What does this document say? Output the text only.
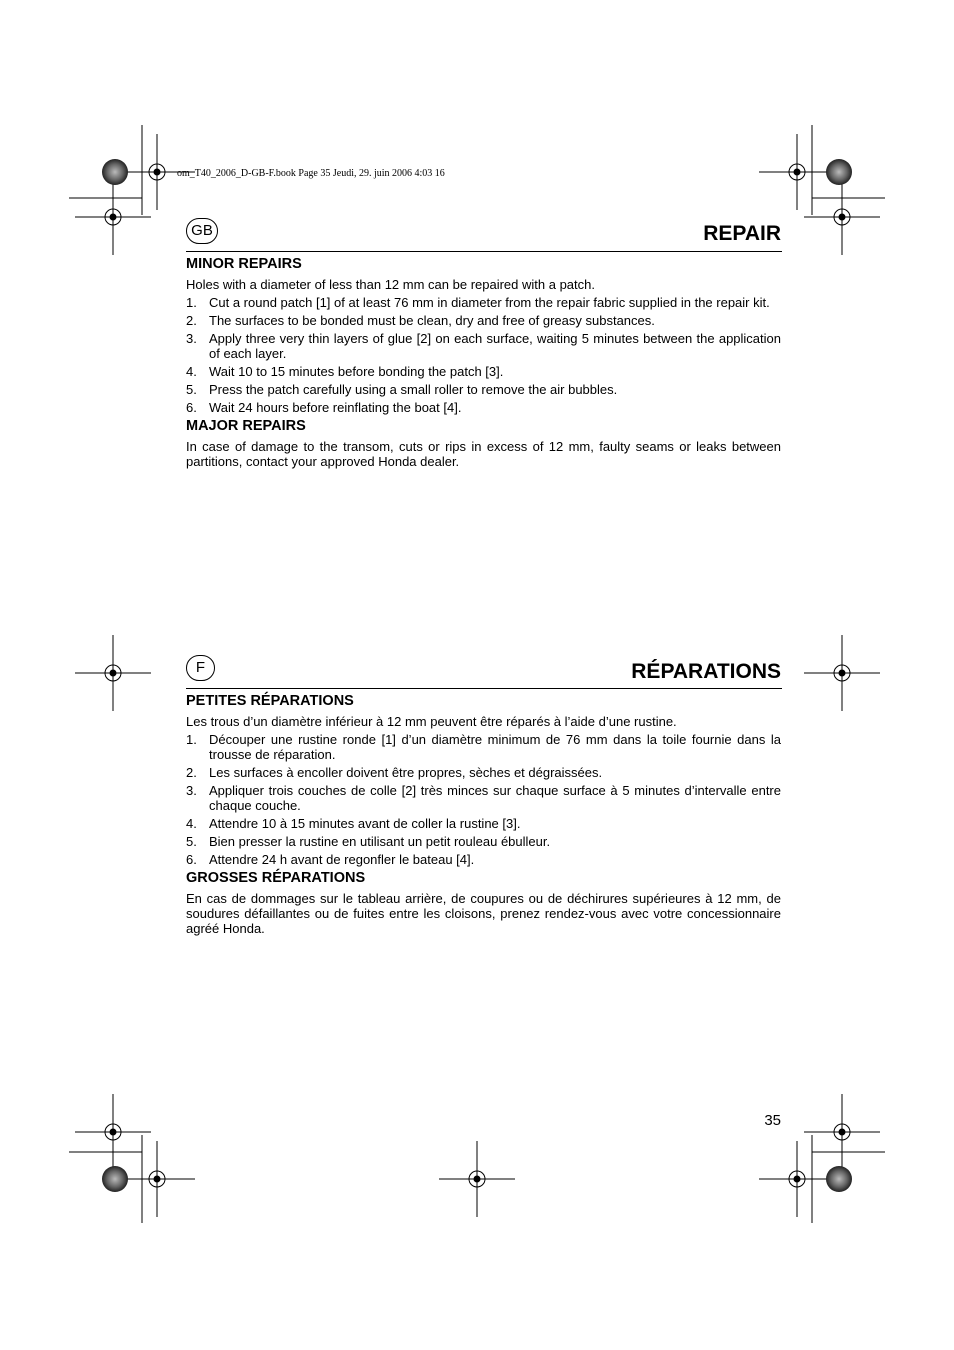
om_T40_2006_D-GB-F.book Page 35 Jeudi, 29. juin 2006 4:03 16
GB	REPAIR
MINOR REPAIRS

Holes with a diameter of less than 12 mm can be repaired with a patch.

1. Cut a round patch [1] of at least 76 mm in diameter from the repair fabric supplied in the repair kit.
2. The surfaces to be bonded must be clean, dry and free of greasy substances.
3. Apply three very thin layers of glue [2] on each surface, waiting 5 minutes between the application of each layer.
4. Wait 10 to 15 minutes before bonding the patch [3].
5. Press the patch carefully using a small roller to remove the air bubbles.
6. Wait 24 hours before reinflating the boat [4].
MAJOR REPAIRS

In case of damage to the transom, cuts or rips in excess of 12 mm, faulty seams or leaks between partitions, contact your approved Honda dealer.

F	RÉPARATIONS
PETITES RÉPARATIONS

Les trous d’un diamètre inférieur à 12 mm peuvent être réparés à l’aide d’une rustine.

1. Découper une rustine ronde [1] d’un diamètre minimum de 76 mm dans la toile fournie dans la trousse de réparation.
2. Les surfaces à encoller doivent être propres, sèches et dégraissées.
3. Appliquer trois couches de colle [2] très minces sur chaque surface à 5 minutes d’intervalle entre chaque couche.
4. Attendre 10 à 15 minutes avant de coller la rustine [3].
5. Bien presser la rustine en utilisant un petit rouleau ébulleur.
6. Attendre 24 h avant de regonfler le bateau [4].
GROSSES RÉPARATIONS

En cas de dommages sur le tableau arrière, de coupures ou de déchirures supérieures à 12 mm, de soudures défaillantes ou de fuites entre les cloisons, prenez rendez-vous avec votre concessionnaire agréé Honda.

35
